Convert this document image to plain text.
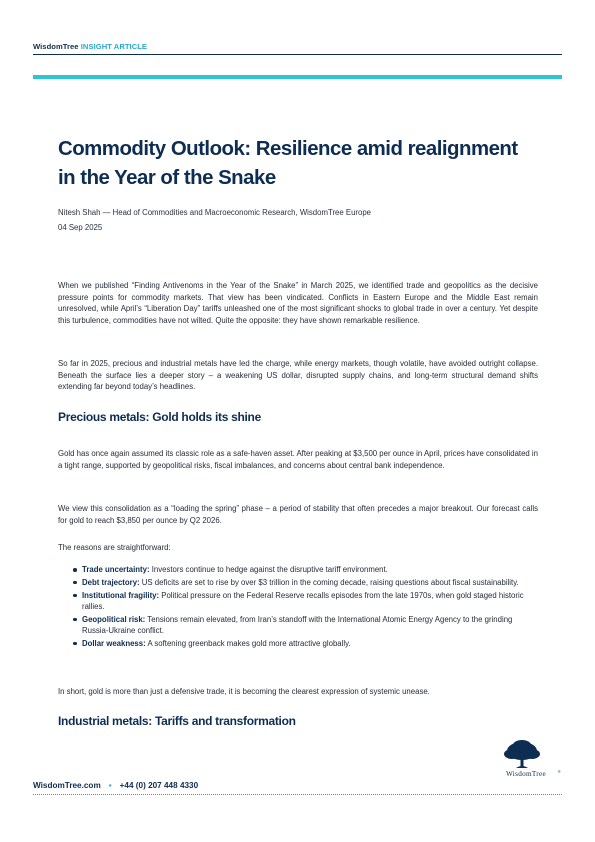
WisdomTree INSIGHT ARTICLE
Commodity Outlook: Resilience amid realignment in the Year of the Snake
Nitesh Shah — Head of Commodities and Macroeconomic Research, WisdomTree Europe
04 Sep 2025

When we published “Finding Antivenoms in the Year of the Snake” in March 2025, we identified trade and geopolitics as the decisive pressure points for commodity markets. That view has been vindicated. Conflicts in Eastern Europe and the Middle East remain unresolved, while April’s “Liberation Day” tariffs unleashed one of the most significant shocks to global trade in over a century. Yet despite this turbulence, commodities have not wilted. Quite the opposite: they have shown remarkable resilience.

So far in 2025, precious and industrial metals have led the charge, while energy markets, though volatile, have avoided outright collapse. Beneath the surface lies a deeper story – a weakening US dollar, disrupted supply chains, and long-term structural demand shifts extending far beyond today’s headlines.

Precious metals: Gold holds its shine

Gold has once again assumed its classic role as a safe-haven asset. After peaking at $3,500 per ounce in April, prices have consolidated in a tight range, supported by geopolitical risks, fiscal imbalances, and concerns about central bank independence.

We view this consolidation as a “loading the spring” phase – a period of stability that often precedes a major breakout. Our forecast calls for gold to reach $3,850 per ounce by Q2 2026.

The reasons are straightforward:

Trade uncertainty: Investors continue to hedge against the disruptive tariff environment.
Debt trajectory: US deficits are set to rise by over $3 trillion in the coming decade, raising questions about fiscal sustainability.
Institutional fragility: Political pressure on the Federal Reserve recalls episodes from the late 1970s, when gold staged historic rallies.
Geopolitical risk: Tensions remain elevated, from Iran’s standoff with the International Atomic Energy Agency to the grinding Russia-Ukraine conflict.
Dollar weakness: A softening greenback makes gold more attractive globally.

In short, gold is more than just a defensive trade, it is becoming the clearest expression of systemic unease.

Industrial metals: Tariffs and transformation
WisdomTree	®
WisdomTree.com ▪ +44 (0) 207 448 4330
